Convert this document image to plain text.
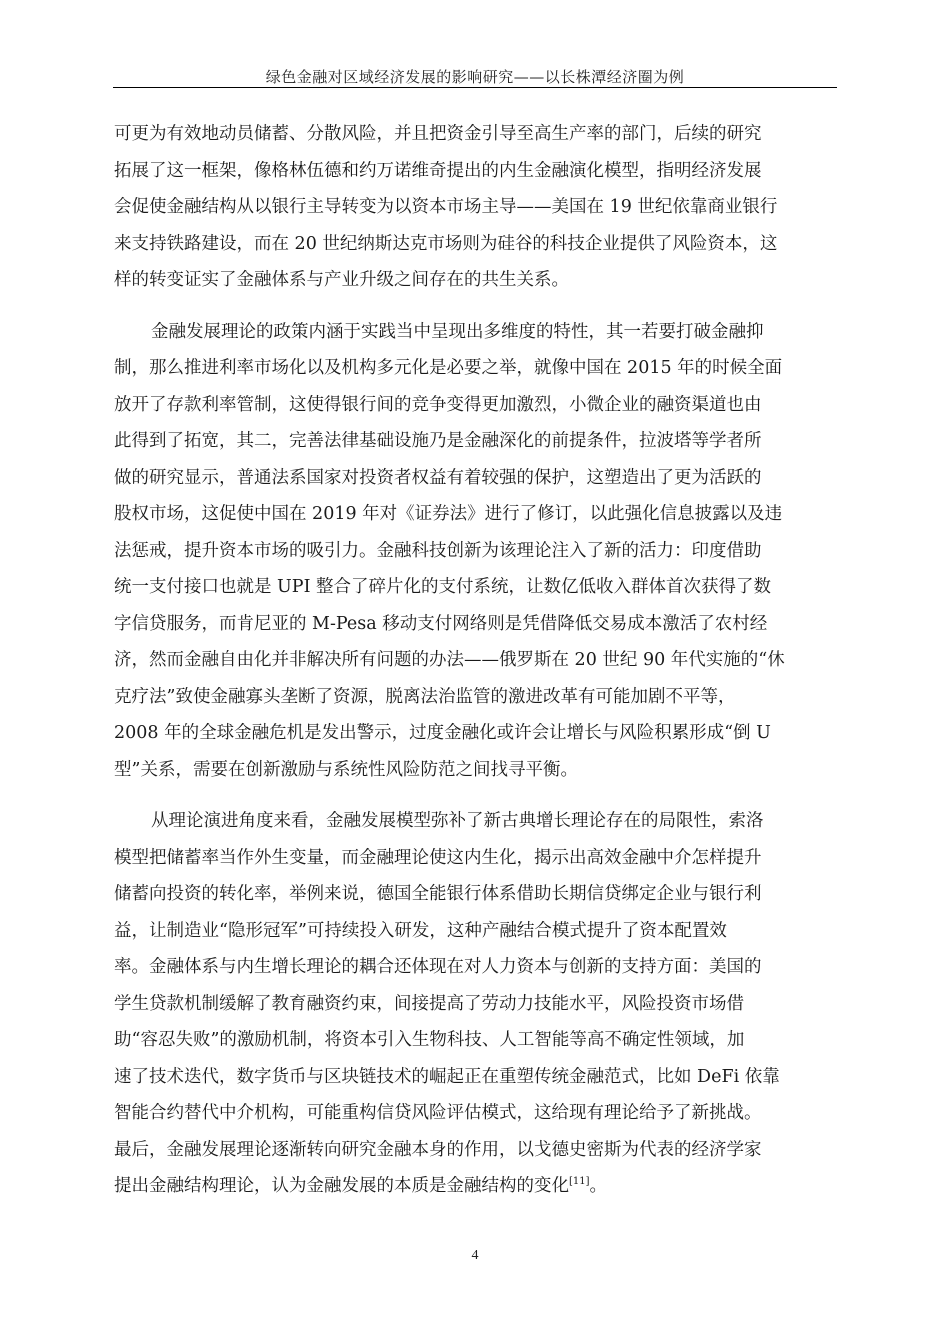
绿色金融对区域经济发展的影响研究——以长株潭经济圈为例
可更为有效地动员储蓄、分散风险，并且把资金引导至高生产率的部门，后续的研究
拓展了这一框架，像格林伍德和约万诺维奇提出的内生金融演化模型，指明经济发展
会促使金融结构从以银行主导转变为以资本市场主导——美国在 19 世纪依靠商业银行
来支持铁路建设，而在 20 世纪纳斯达克市场则为硅谷的科技企业提供了风险资本，这
样的转变证实了金融体系与产业升级之间存在的共生关系。
金融发展理论的政策内涵于实践当中呈现出多维度的特性，其一若要打破金融抑
制，那么推进利率市场化以及机构多元化是必要之举，就像中国在 2015 年的时候全面
放开了存款利率管制，这使得银行间的竞争变得更加激烈，小微企业的融资渠道也由
此得到了拓宽，其二，完善法律基础设施乃是金融深化的前提条件，拉波塔等学者所
做的研究显示，普通法系国家对投资者权益有着较强的保护，这塑造出了更为活跃的
股权市场，这促使中国在 2019 年对《证券法》进行了修订，以此强化信息披露以及违
法惩戒，提升资本市场的吸引力。金融科技创新为该理论注入了新的活力：印度借助
统一支付接口也就是 UPI 整合了碎片化的支付系统，让数亿低收入群体首次获得了数
字信贷服务，而肯尼亚的 M-Pesa 移动支付网络则是凭借降低交易成本激活了农村经
济，然而金融自由化并非解决所有问题的办法——俄罗斯在 20 世纪 90 年代实施的“休
克疗法”致使金融寡头垄断了资源，脱离法治监管的激进改革有可能加剧不平等，
2008 年的全球金融危机是发出警示，过度金融化或许会让增长与风险积累形成“倒 U
型”关系，需要在创新激励与系统性风险防范之间找寻平衡。
从理论演进角度来看，金融发展模型弥补了新古典增长理论存在的局限性，索洛
模型把储蓄率当作外生变量，而金融理论使这内生化，揭示出高效金融中介怎样提升
储蓄向投资的转化率，举例来说，德国全能银行体系借助长期信贷绑定企业与银行利
益，让制造业“隐形冠军”可持续投入研发，这种产融结合模式提升了资本配置效
率。金融体系与内生增长理论的耦合还体现在对人力资本与创新的支持方面：美国的
学生贷款机制缓解了教育融资约束，间接提高了劳动力技能水平，风险投资市场借
助“容忍失败”的激励机制，将资本引入生物科技、人工智能等高不确定性领域，加
速了技术迭代，数字货币与区块链技术的崛起正在重塑传统金融范式，比如 DeFi 依靠
智能合约替代中介机构，可能重构信贷风险评估模式，这给现有理论给予了新挑战。
最后，金融发展理论逐渐转向研究金融本身的作用，以戈德史密斯为代表的经济学家
提出金融结构理论，认为金融发展的本质是金融结构的变化[11]。
4
